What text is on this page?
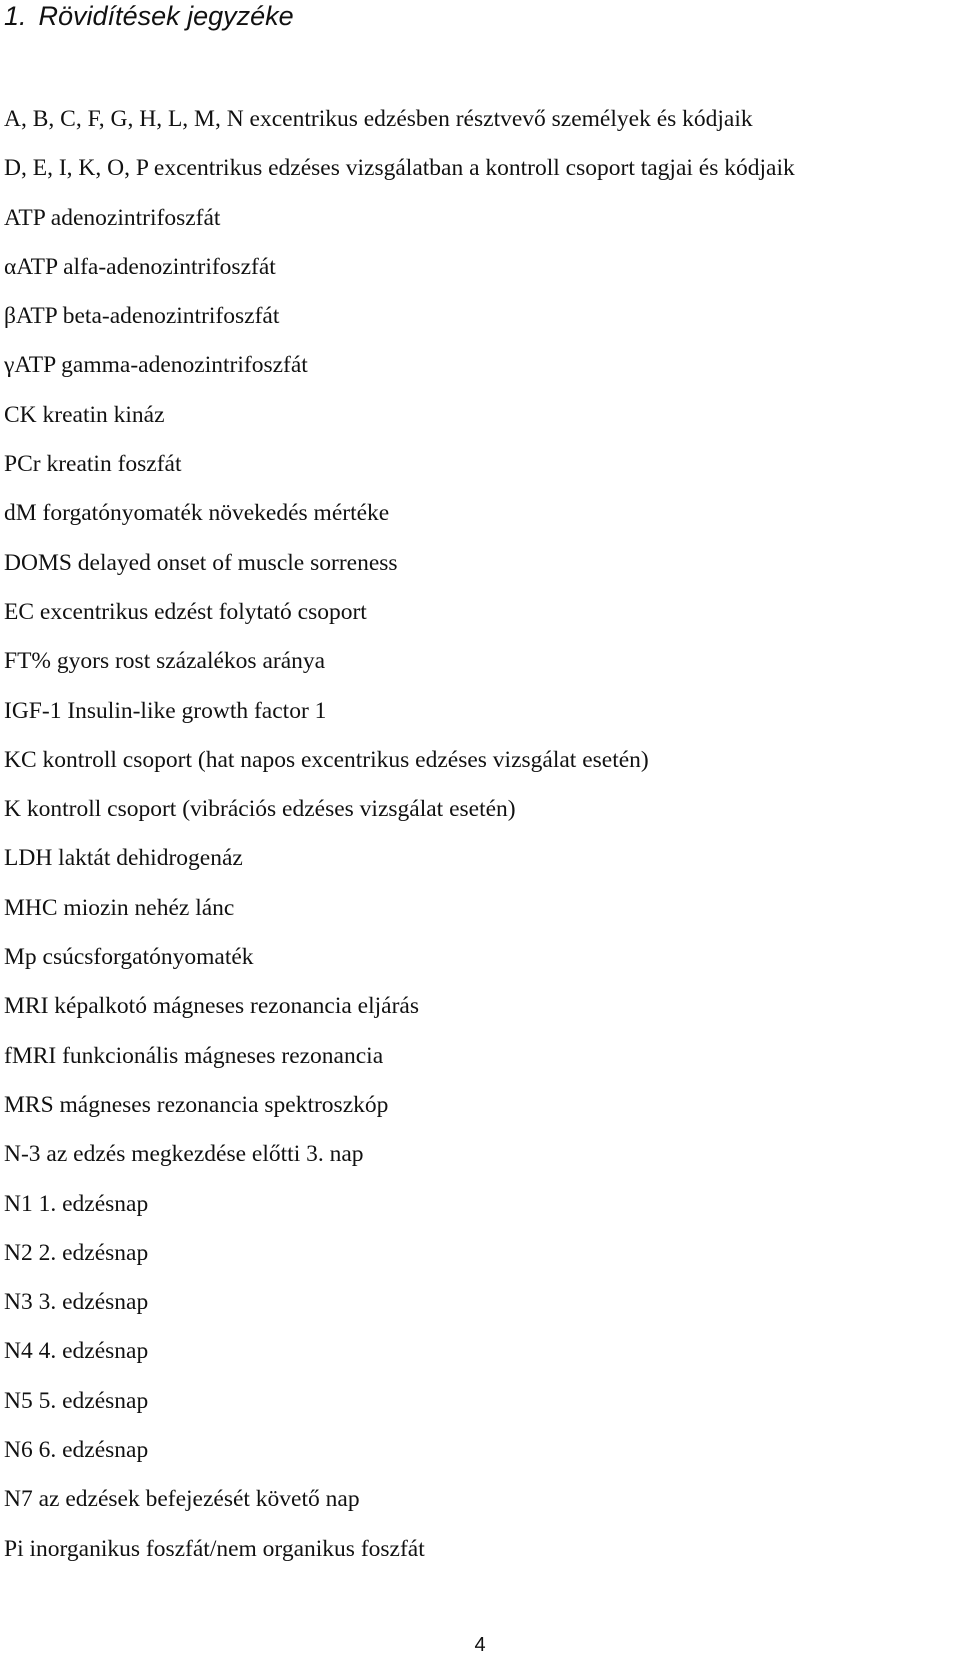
1. Rövidítések jegyzéke
A, B, C, F, G, H, L, M, N excentrikus edzésben résztvevő személyek és kódjaik
D, E, I, K, O, P excentrikus edzéses vizsgálatban a kontroll csoport tagjai és kódjaik
ATP adenozintrifoszfát
αATP alfa-adenozintrifoszfát
βATP beta-adenozintrifoszfát
γATP gamma-adenozintrifoszfát
CK kreatin kináz
PCr kreatin foszfát
dM forgatónyomaték növekedés mértéke
DOMS delayed onset of muscle sorreness
EC excentrikus edzést folytató csoport
FT% gyors rost százalékos aránya
IGF-1 Insulin-like growth factor 1
KC kontroll csoport (hat napos excentrikus edzéses vizsgálat esetén)
K kontroll csoport (vibrációs edzéses vizsgálat esetén)
LDH laktát dehidrogenáz
MHC miozin nehéz lánc
Mp csúcsforgatónyomaték
MRI képalkotó mágneses rezonancia eljárás
fMRI funkcionális mágneses rezonancia
MRS mágneses rezonancia spektroszkóp
N-3 az edzés megkezdése előtti 3. nap
N1 1. edzésnap
N2 2. edzésnap
N3 3. edzésnap
N4 4. edzésnap
N5 5. edzésnap
N6 6. edzésnap
N7 az edzések befejezését követő nap
Pi inorganikus foszfát/nem organikus foszfát
4
